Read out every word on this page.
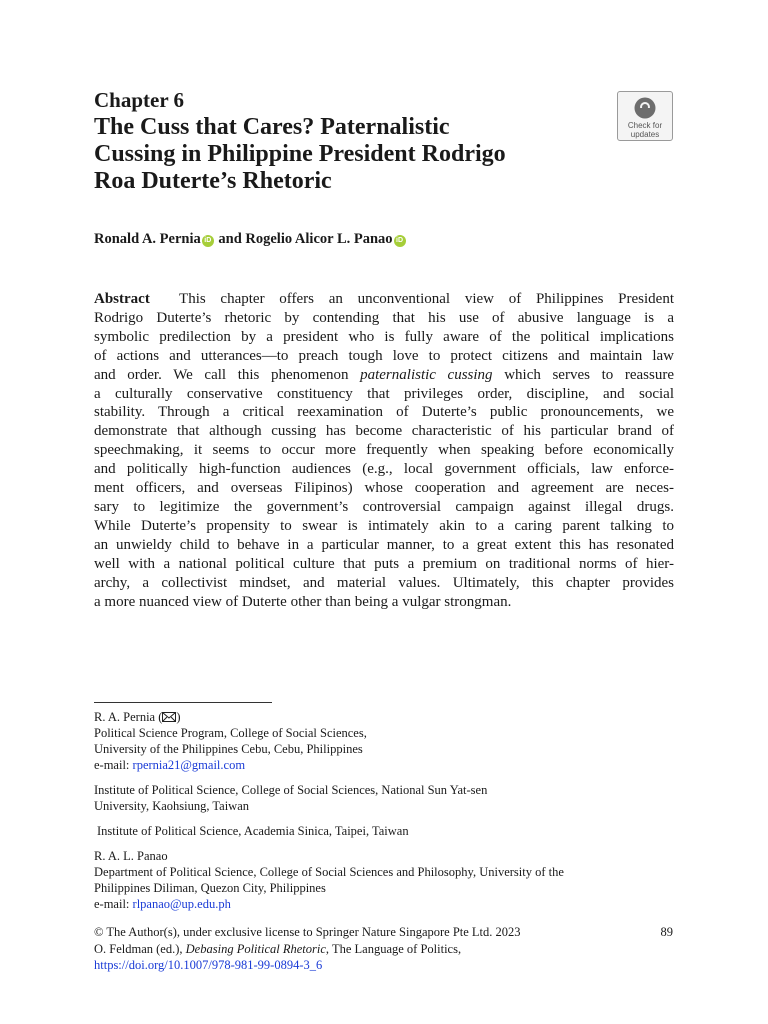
Chapter 6
The Cuss that Cares? Paternalistic
Cussing in Philippine President Rodrigo
Roa Duterte’s Rhetoric
Check for
updates
Ronald A. Pernia iD and Rogelio Alicor L. Panao iD
Abstract This chapter offers an unconventional view of Philippines President
Rodrigo Duterte’s rhetoric by contending that his use of abusive language is a
symbolic predilection by a president who is fully aware of the political implications
of actions and utterances—to preach tough love to protect citizens and maintain law
and order. We call this phenomenon paternalistic cussing which serves to reassure
a culturally conservative constituency that privileges order, discipline, and social
stability. Through a critical reexamination of Duterte’s public pronouncements, we
demonstrate that although cussing has become characteristic of his particular brand of
speechmaking, it seems to occur more frequently when speaking before economically
and politically high-function audiences (e.g., local government officials, law enforce-
ment officers, and overseas Filipinos) whose cooperation and agreement are neces-
sary to legitimize the government’s controversial campaign against illegal drugs.
While Duterte’s propensity to swear is intimately akin to a caring parent talking to
an unwieldy child to behave in a particular manner, to a great extent this has resonated
well with a national political culture that puts a premium on traditional norms of hier-
archy, a collectivist mindset, and material values. Ultimately, this chapter provides
a more nuanced view of Duterte other than being a vulgar strongman.
R. A. Pernia ( )
Political Science Program, College of Social Sciences,
University of the Philippines Cebu, Cebu, Philippines
e-mail: rpernia21@gmail.com
Institute of Political Science, College of Social Sciences, National Sun Yat-sen
University, Kaohsiung, Taiwan
Institute of Political Science, Academia Sinica, Taipei, Taiwan
R. A. L. Panao
Department of Political Science, College of Social Sciences and Philosophy, University of the
Philippines Diliman, Quezon City, Philippines
e-mail: rlpanao@up.edu.ph
© The Author(s), under exclusive license to Springer Nature Singapore Pte Ltd. 2023
O. Feldman (ed.), Debasing Political Rhetoric, The Language of Politics,
https://doi.org/10.1007/978-981-99-0894-3_6
89
